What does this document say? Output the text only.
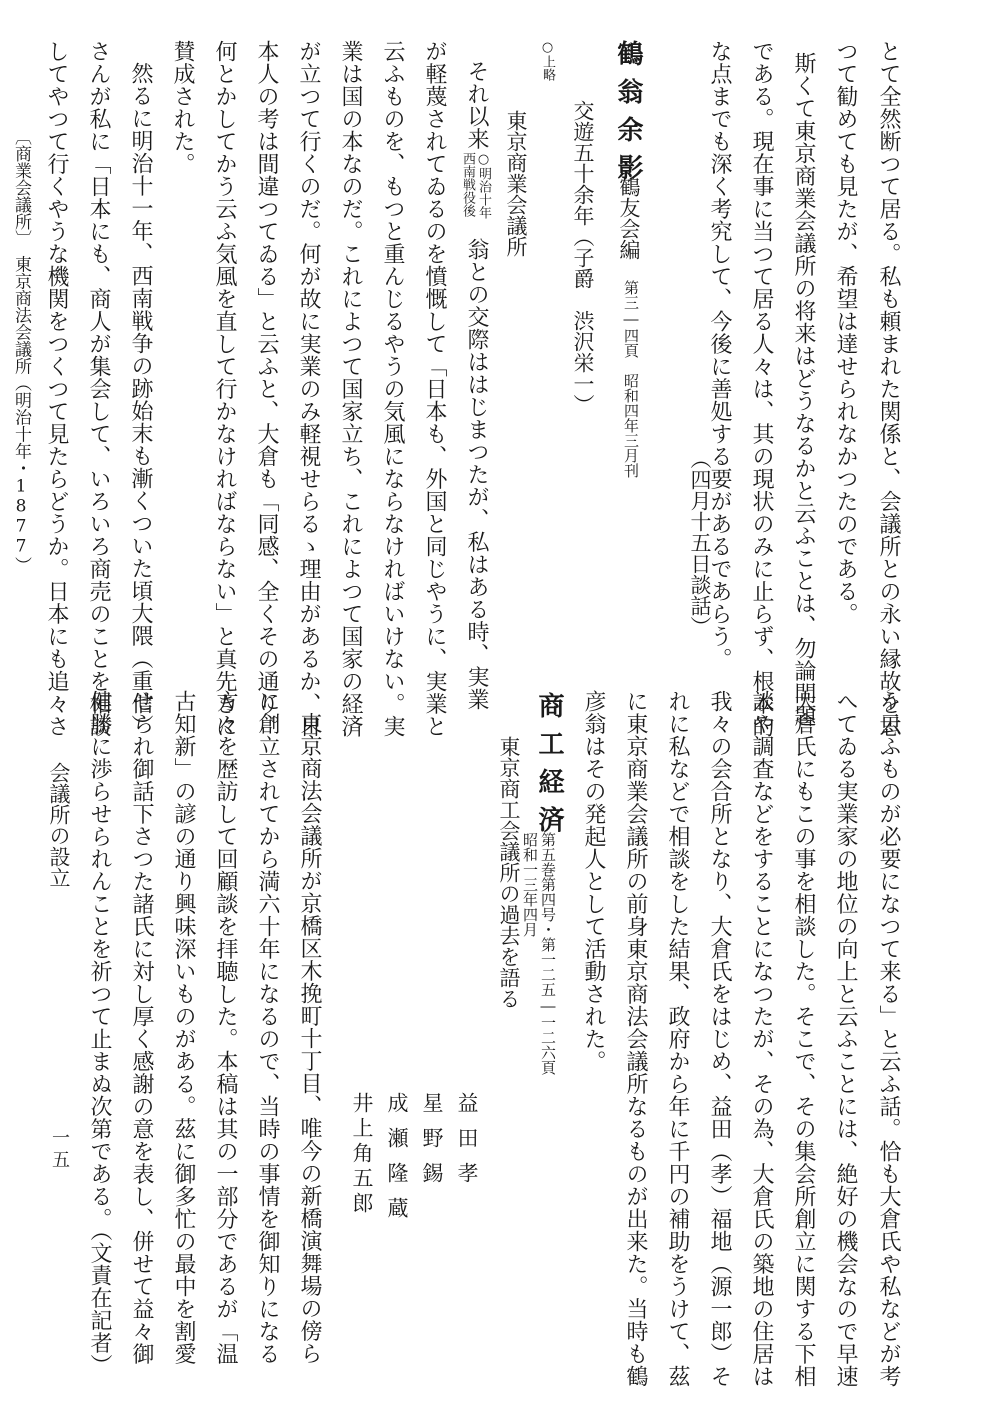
とて全然断つて居る。私も頼まれた関係と、会議所との永い縁故を思
つて勧めても見たが、希望は達せられなかつたのである。
斯くて東京商業会議所の将来はどうなるかと云ふことは、勿論問題
である。現在事に当つて居る人々は、其の現状のみに止らず、根本的
な点までも深く考究して、今後に善処する要があるであらう。
（四月十五日談話）
鶴翁余影
鶴友会編
第三―四頁　昭和四年三月刊
交遊五十余年（子爵　渋沢栄一）
○上略
東京商業会議所
それ以来
○明治十年
西南戦役後
翁との交際ははじまつたが、私はある時、実業
が軽蔑されてゐるのを憤慨して「日本も、外国と同じやうに、実業と
云ふものを、もつと重んじるやうの気風にならなければいけない。実
業は国の本なのだ。これによつて国家立ち、これによつて国家の経済
が立つて行くのだ。何が故に実業のみ軽視せらるゝ理由があるか、日
本人の考は間違つてゐる」と云ふと、大倉も「同感、全くその通り。
何とかしてかう云ふ気風を直して行かなければならない」と真先きに
賛成された。
然るに明治十一年、西南戦争の跡始末も漸くついた頃大隈（重信）
さんが私に「日本にも、商人が集会して、いろいろ商売のことを相談
してやつて行くやうな機関をつくつて見たらどうか。日本にも追々さ
う云ふものが必要になつて来る」と云ふ話。恰も大倉氏や私などが考
へてゐる実業家の地位の向上と云ふことには、絶好の機会なので早速
大倉氏にもこの事を相談した。そこで、その集会所創立に関する下相
談や調査などをすることになつたが、その為、大倉氏の築地の住居は
我々の会合所となり、大倉氏をはじめ、益田（孝）福地（源一郎）そ
れに私などで相談をした結果、政府から年に千円の補助をうけて、茲
に東京商業会議所の前身東京商法会議所なるものが出来た。当時も鶴
彦翁はその発起人として活動された。
商工経済
第五巻第四号・第一二五―一二六頁
昭和一三年四月
東京商工会議所の過去を語る
益田孝
星野錫
成瀬隆蔵
井上角五郎
東京商法会議所が京橋区木挽町十丁目、唯今の新橋演舞場の傍ら
に創立されてから満六十年になるので、当時の事情を御知りになる
方々を歴訪して回顧談を拝聴した。本稿は其の一部分であるが「温
古知新」の諺の通り興味深いものがある。茲に御多忙の最中を割愛
せられ御話下さつた諸氏に対し厚く感謝の意を表し、併せて益々御
健勝に渉らせられんことを祈つて止まぬ次第である。（文責在記者）
会議所の設立
〔商業会議所〕　東京商法会議所（明治十年・1877）
一五
